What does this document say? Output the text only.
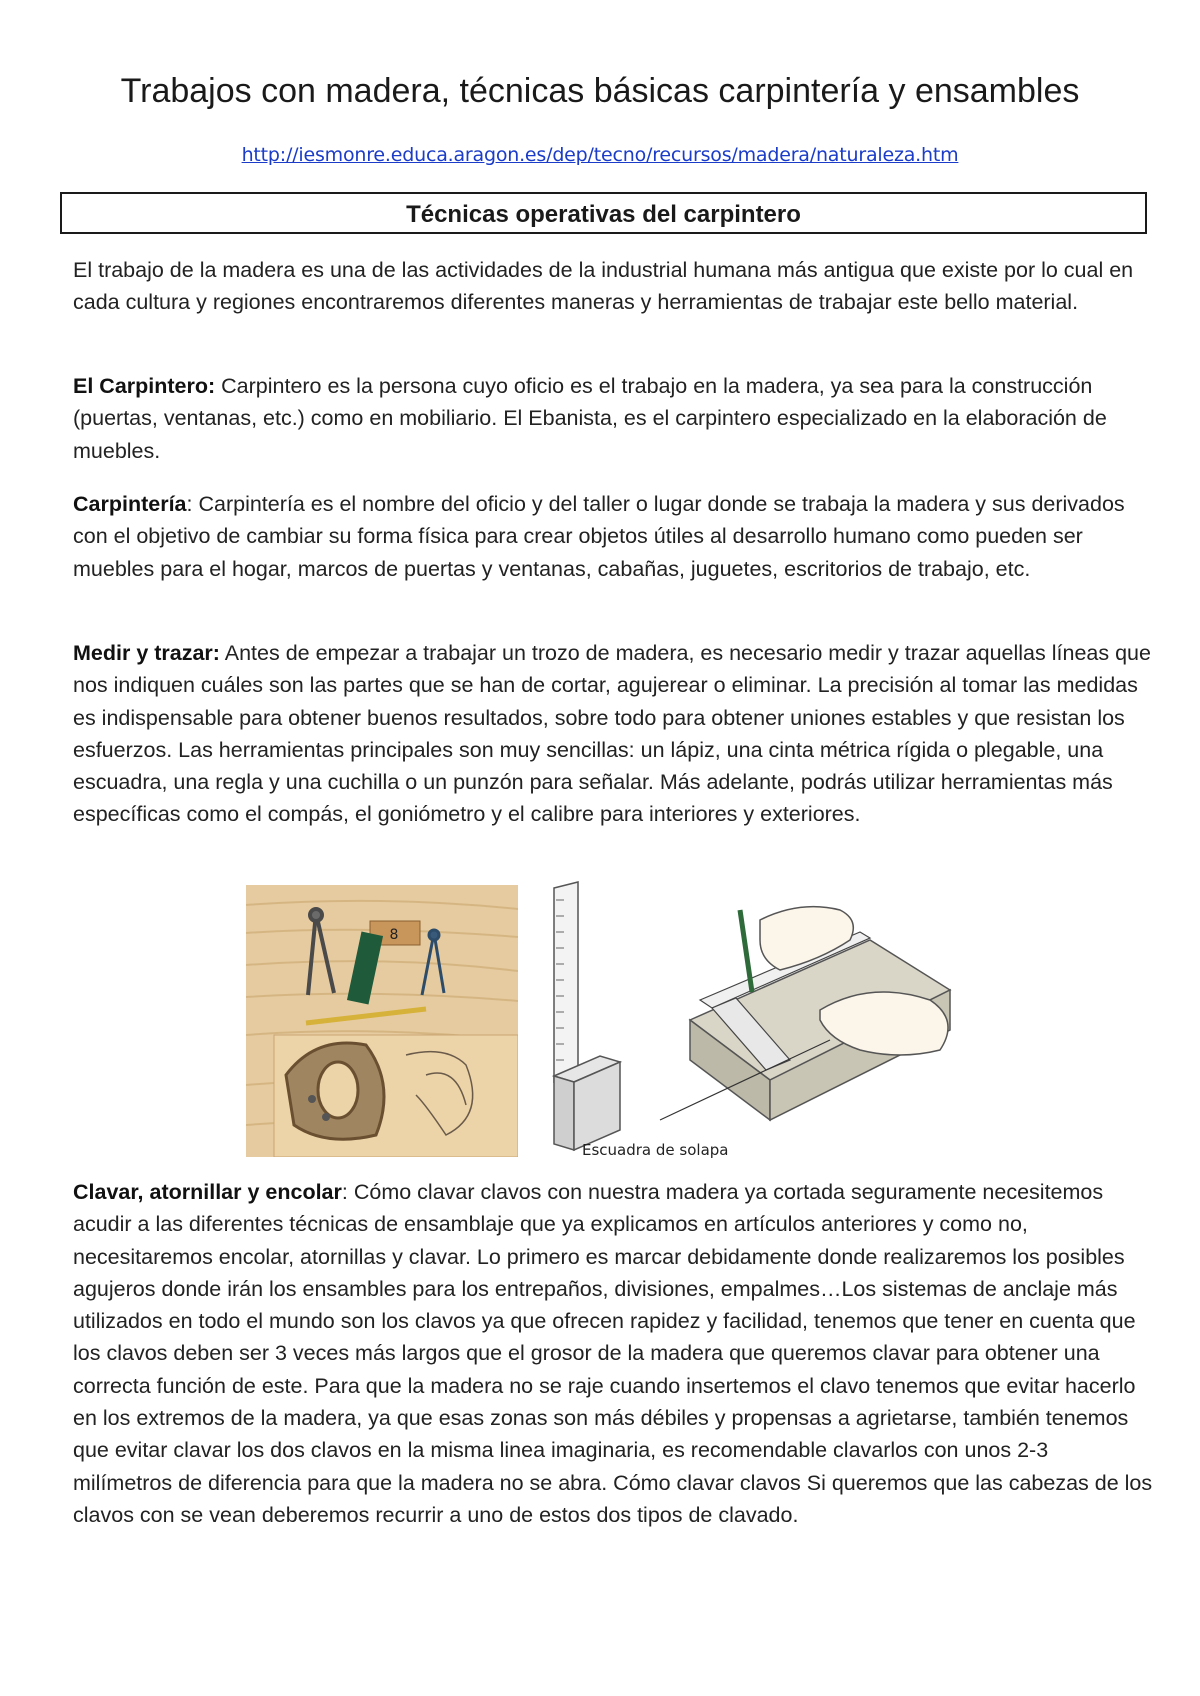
Trabajos con madera, técnicas básicas carpintería y ensambles
http://iesmonre.educa.aragon.es/dep/tecno/recursos/madera/naturaleza.htm
Técnicas operativas del carpintero

El trabajo de la madera es una de las actividades de la industrial humana más antigua que existe por lo cual en cada cultura y regiones encontraremos diferentes maneras y herramientas de trabajar este bello material.

El Carpintero: Carpintero es la persona cuyo oficio es el trabajo en la madera, ya sea para la construcción (puertas, ventanas, etc.) como en mobiliario. El Ebanista, es el carpintero especializado en la elaboración de muebles.

Carpintería: Carpintería es el nombre del oficio y del taller o lugar donde se trabaja la madera y sus derivados con el objetivo de cambiar su forma física para crear objetos útiles al desarrollo humano como pueden ser muebles para el hogar, marcos de puertas y ventanas, cabañas, juguetes, escritorios de trabajo, etc.

Medir y trazar: Antes de empezar a trabajar un trozo de madera, es necesario medir y trazar aquellas líneas que nos indiquen cuáles son las partes que se han de cortar, agujerear o eliminar. La precisión al tomar las medidas es indispensable para obtener buenos resultados, sobre todo para obtener uniones estables y que resistan los esfuerzos. Las herramientas principales son muy sencillas: un lápiz, una cinta métrica rígida o plegable, una escuadra, una regla y una cuchilla o un punzón para señalar. Más adelante, podrás utilizar herramientas más específicas como el compás, el goniómetro y el calibre para interiores y exteriores.

8
Escuadra de solapa

Clavar, atornillar y encolar: Cómo clavar clavos con nuestra madera ya cortada seguramente necesitemos acudir a las diferentes técnicas de ensamblaje que ya explicamos en artículos anteriores y como no, necesitaremos encolar, atornillas y clavar. Lo primero es marcar debidamente donde realizaremos los posibles agujeros donde irán los ensambles para los entrepaños, divisiones, empalmes…Los sistemas de anclaje más utilizados en todo el mundo son los clavos ya que ofrecen rapidez y facilidad, tenemos que tener en cuenta que los clavos deben ser 3 veces más largos que el grosor de la madera que queremos clavar para obtener una correcta función de este. Para que la madera no se raje cuando insertemos el clavo tenemos que evitar hacerlo en los extremos de la madera, ya que esas zonas son más débiles y propensas a agrietarse, también tenemos que evitar clavar los dos clavos en la misma linea imaginaria, es recomendable clavarlos con unos 2-3 milímetros de diferencia para que la madera no se abra. Cómo clavar clavos Si queremos que las cabezas de los clavos con se vean deberemos recurrir a uno de estos dos tipos de clavado.
